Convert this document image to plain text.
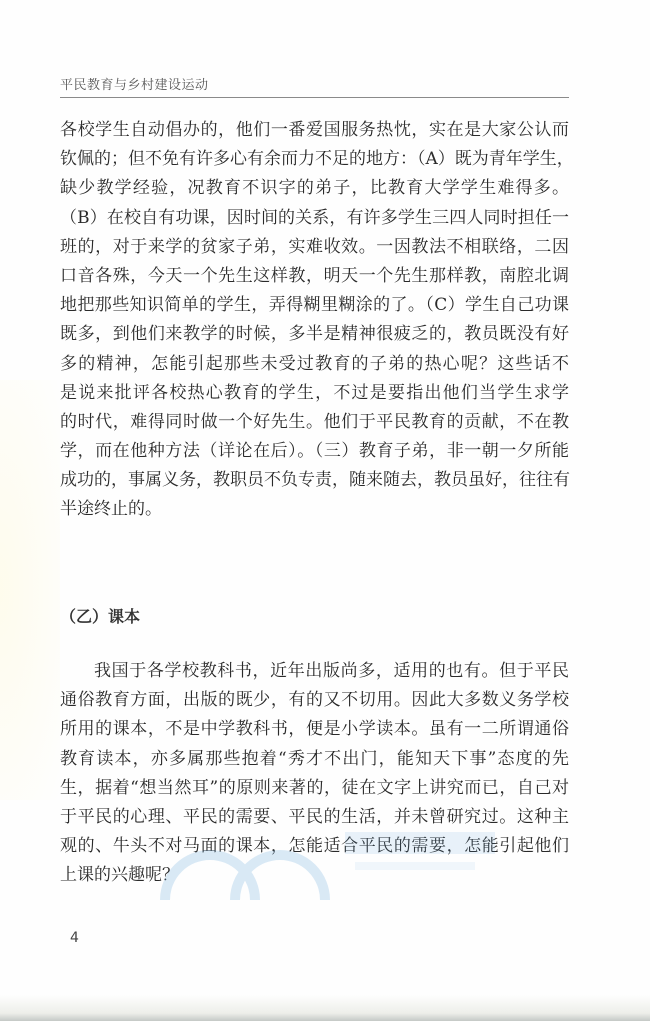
平民教育与乡村建设运动
各校学生自动倡办的，他们一番爱国服务热忱，实在是大家公认而
钦佩的；但不免有许多心有余而力不足的地方：（A）既为青年学生，
缺少教学经验，况教育不识字的弟子，比教育大学学生难得多。
（B）在校自有功课，因时间的关系，有许多学生三四人同时担任一
班的，对于来学的贫家子弟，实难收效。一因教法不相联络，二因
口音各殊，今天一个先生这样教，明天一个先生那样教，南腔北调
地把那些知识简单的学生，弄得糊里糊涂的了。（C）学生自己功课
既多，到他们来教学的时候，多半是精神很疲乏的，教员既没有好
多的精神，怎能引起那些未受过教育的子弟的热心呢？这些话不
是说来批评各校热心教育的学生，不过是要指出他们当学生求学
的时代，难得同时做一个好先生。他们于平民教育的贡献，不在教
学，而在他种方法（详论在后）。（三）教育子弟，非一朝一夕所能
成功的，事属义务，教职员不负专责，随来随去，教员虽好，往往有
半途终止的。
（乙）课本
我国于各学校教科书，近年出版尚多，适用的也有。但于平民
通俗教育方面，出版的既少，有的又不切用。因此大多数义务学校
所用的课本，不是中学教科书，便是小学读本。虽有一二所谓通俗
教育读本，亦多属那些抱着“秀才不出门，能知天下事”态度的先
生，据着“想当然耳”的原则来著的，徒在文字上讲究而已，自己对
于平民的心理、平民的需要、平民的生活，并未曾研究过。这种主
观的、牛头不对马面的课本，怎能适合平民的需要，怎能引起他们
上课的兴趣呢？
4
